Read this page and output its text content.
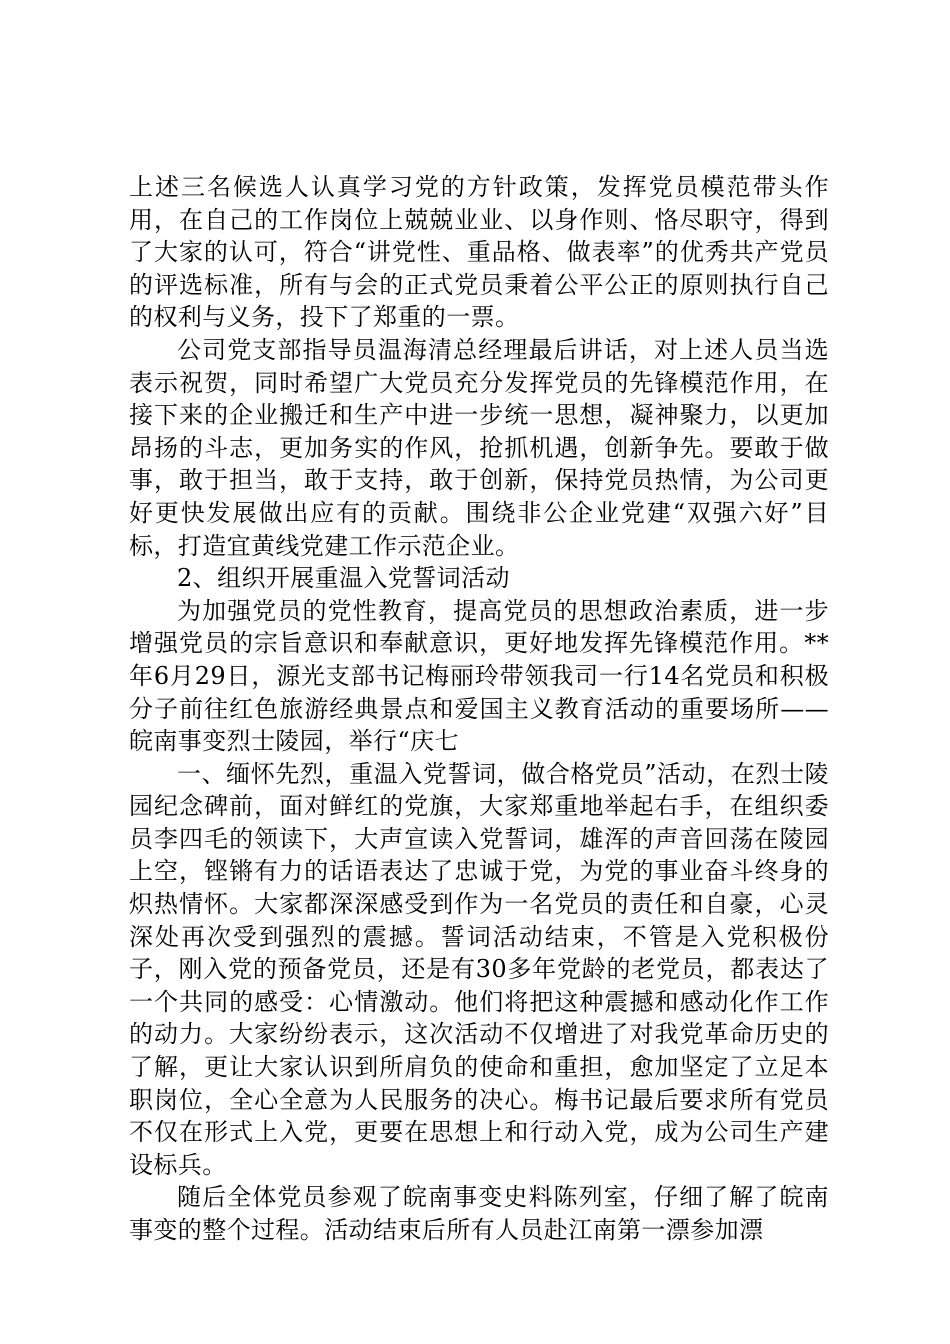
上述三名候选人认真学习党的方针政策，发挥党员模范带头作用，在自己的工作岗位上兢兢业业、以身作则、恪尽职守，得到了大家的认可，符合“讲党性、重品格、做表率”的优秀共产党员的评选标准，所有与会的正式党员秉着公平公正的原则执行自己的权利与义务，投下了郑重的一票。

公司党支部指导员温海清总经理最后讲话，对上述人员当选表示祝贺，同时希望广大党员充分发挥党员的先锋模范作用，在接下来的企业搬迁和生产中进一步统一思想，凝神聚力，以更加昂扬的斗志，更加务实的作风，抢抓机遇，创新争先。要敢于做事，敢于担当，敢于支持，敢于创新，保持党员热情，为公司更好更快发展做出应有的贡献。围绕非公企业党建“双强六好”目标，打造宜黄线党建工作示范企业。

2、组织开展重温入党誓词活动

为加强党员的党性教育，提高党员的思想政治素质，进一步增强党员的宗旨意识和奉献意识，更好地发挥先锋模范作用。**年6月29日，源光支部书记梅丽玲带领我司一行14名党员和积极分子前往红色旅游经典景点和爱国主义教育活动的重要场所——皖南事变烈士陵园，举行“庆七

一、缅怀先烈，重温入党誓词，做合格党员”活动，在烈士陵园纪念碑前，面对鲜红的党旗，大家郑重地举起右手，在组织委员李四毛的领读下，大声宣读入党誓词，雄浑的声音回荡在陵园上空，铿锵有力的话语表达了忠诚于党，为党的事业奋斗终身的炽热情怀。大家都深深感受到作为一名党员的责任和自豪，心灵深处再次受到强烈的震撼。誓词活动结束，不管是入党积极份子，刚入党的预备党员，还是有30多年党龄的老党员，都表达了一个共同的感受：心情激动。他们将把这种震撼和感动化作工作的动力。大家纷纷表示，这次活动不仅增进了对我党革命历史的了解，更让大家认识到所肩负的使命和重担，愈加坚定了立足本职岗位，全心全意为人民服务的决心。梅书记最后要求所有党员不仅在形式上入党，更要在思想上和行动入党，成为公司生产建设标兵。

随后全体党员参观了皖南事变史料陈列室，仔细了解了皖南事变的整个过程。活动结束后所有人员赴江南第一漂参加漂
